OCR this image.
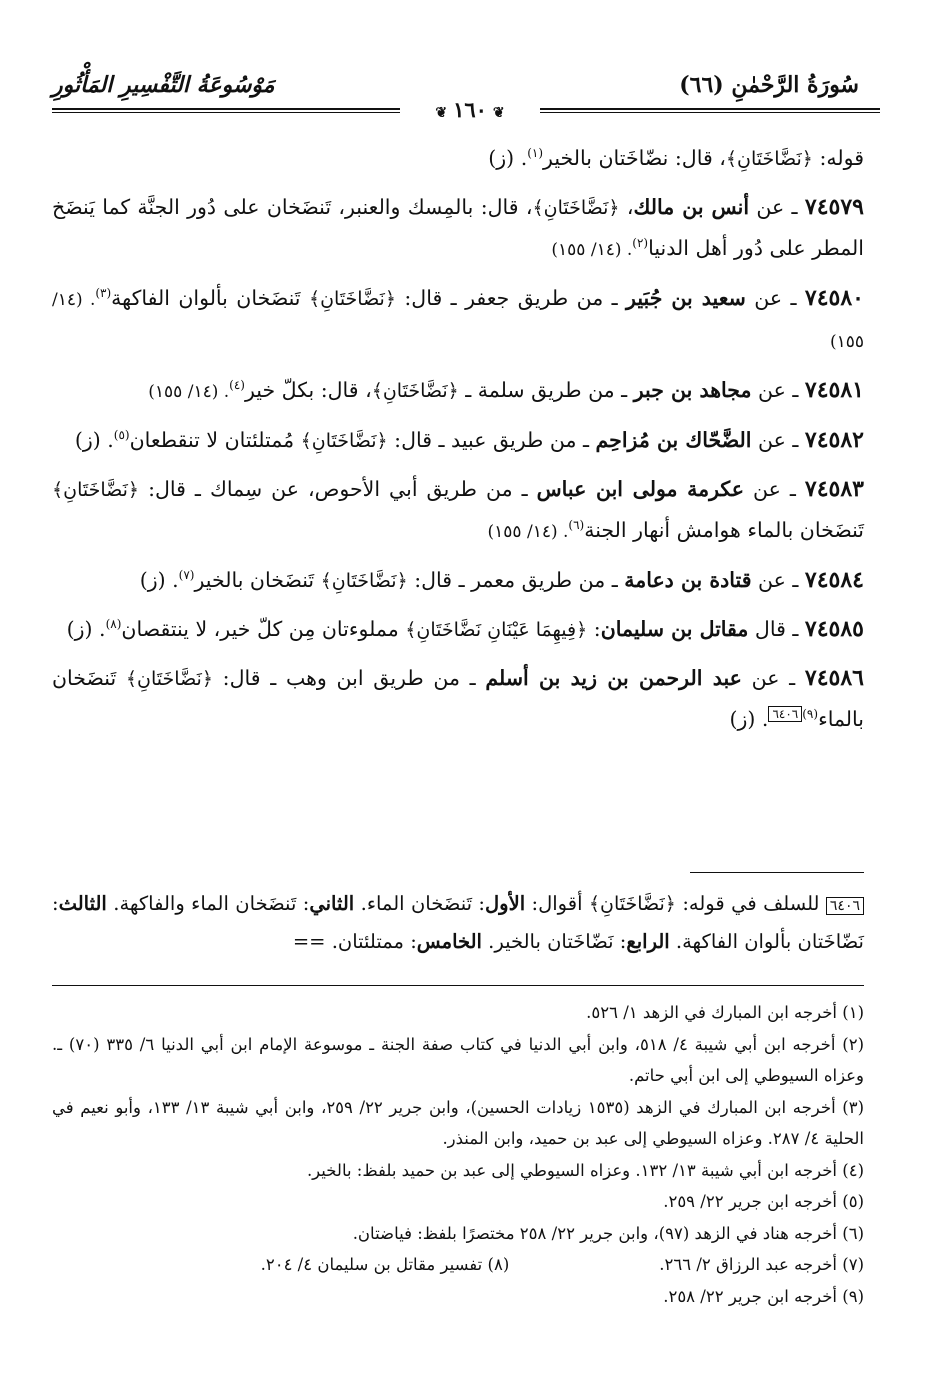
سُورَةُ الرَّحْمٰنِ (٦٦)
مَوْسُوعَةُ التَّفْسِيرِ المَأْثُورِ
❦ ١٦٠ ❦

قوله: ﴿نَضَّاخَتَانِ﴾، قال: نضّاخَتان بالخير$^{(١)}$. (ز)

٧٤٥٧٩ ـ عن أنس بن مالك، ﴿نَضَّاخَتَانِ﴾، قال: بالمِسك والعنبر، تَنضَخان على دُور الجنَّة كما يَنضَخ المطر على دُور أهل الدنيا$^{(٢)}$. (١٤/ ١٥٥)

٧٤٥٨٠ ـ عن سعيد بن جُبَير ـ من طريق جعفر ـ قال: ﴿نَضَّاخَتَانِ﴾ تَنضَخان بألوان الفاكهة$^{(٣)}$. (١٤/ ١٥٥)

٧٤٥٨١ ـ عن مجاهد بن جبر ـ من طريق سلمة ـ ﴿نَضَّاخَتَانِ﴾، قال: بكلّ خير$^{(٤)}$. (١٤/ ١٥٥)

٧٤٥٨٢ ـ عن الضَّحّاك بن مُزاحِم ـ من طريق عبيد ـ قال: ﴿نَضَّاخَتَانِ﴾ مُمتلئتان لا تنقطعان$^{(٥)}$. (ز)

٧٤٥٨٣ ـ عن عكرمة مولى ابن عباس ـ من طريق أبي الأحوص، عن سِماك ـ قال: ﴿نَضَّاخَتَانِ﴾ تَنضَخان بالماء هوامش أنهار الجنة$^{(٦)}$. (١٤/ ١٥٥)

٧٤٥٨٤ ـ عن قتادة بن دعامة ـ من طريق معمر ـ قال: ﴿نَضَّاخَتَانِ﴾ تَنضَخان بالخير$^{(٧)}$. (ز)

٧٤٥٨٥ ـ قال مقاتل بن سليمان: ﴿فِيهِمَا عَيْنَانِ نَضَّاخَتَانِ﴾ مملوءتان مِن كلّ خير، لا ينتقصان$^{(٨)}$. (ز)

٧٤٥٨٦ ـ عن عبد الرحمن بن زيد بن أسلم ـ من طريق ابن وهب ـ قال: ﴿نَضَّاخَتَانِ﴾ تَنضَخان بالماء$^{(٩)}$٦٤٠٦. (ز)

٦٤٠٦ للسلف في قوله: ﴿نَضَّاخَتَانِ﴾ أقوال: الأول: تَنضَخان الماء. الثاني: تَنضَخان الماء والفاكهة. الثالث: نَضّاخَتان بألوان الفاكهة. الرابع: نَضّاخَتان بالخير. الخامس: ممتلئتان. ==

(١) أخرجه ابن المبارك في الزهد ١/ ٥٢٦.

(٢) أخرجه ابن أبي شيبة ٤/ ٥١٨، وابن أبي الدنيا في كتاب صفة الجنة ـ موسوعة الإمام ابن أبي الدنيا ٦/ ٣٣٥ (٧٠) ـ. وعزاه السيوطي إلى ابن أبي حاتم.

(٣) أخرجه ابن المبارك في الزهد (١٥٣٥ زيادات الحسين)، وابن جرير ٢٢/ ٢٥٩، وابن أبي شيبة ١٣/ ١٣٣، وأبو نعيم في الحلية ٤/ ٢٨٧. وعزاه السيوطي إلى عبد بن حميد، وابن المنذر.

(٤) أخرجه ابن أبي شيبة ١٣/ ١٣٢. وعزاه السيوطي إلى عبد بن حميد بلفظ: بالخير.

(٥) أخرجه ابن جرير ٢٢/ ٢٥٩.

(٦) أخرجه هناد في الزهد (٩٧)، وابن جرير ٢٢/ ٢٥٨ مختصرًا بلفظ: فياضتان.

(٧) أخرجه عبد الرزاق ٢/ ٢٦٦.

(٨) تفسير مقاتل بن سليمان ٤/ ٢٠٤.

(٩) أخرجه ابن جرير ٢٢/ ٢٥٨.
